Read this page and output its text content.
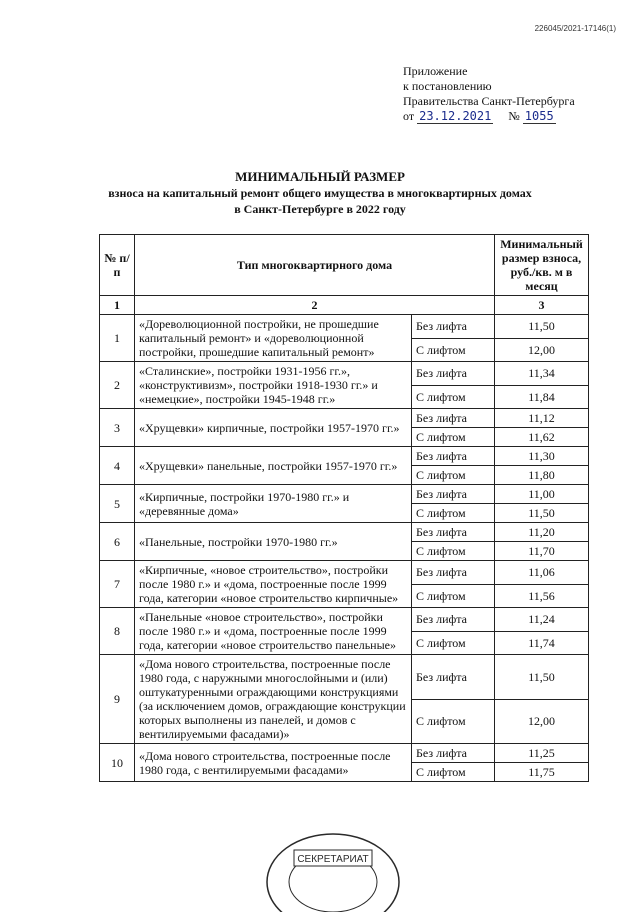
226045/2021-17146(1)
Приложение
к постановлению
Правительства Санкт-Петербурга
от 23.12.2021 № 1055
МИНИМАЛЬНЫЙ РАЗМЕР
взноса на капитальный ремонт общего имущества в многоквартирных домах
в Санкт-Петербурге в 2022 году
№ п/п	Тип многоквартирного дома		Минимальный размер взноса, руб./кв. м в месяц
1	2		3
1	«Дореволюционной постройки, не прошедшие капитальный ремонт» и «дореволюционной постройки, прошедшие капитальный ремонт»	Без лифта	11,50
		С лифтом	12,00
2	«Сталинские», постройки 1931-1956 гг.», «конструктивизм», постройки 1918-1930 гг.» и «немецкие», постройки 1945-1948 гг.»	Без лифта	11,34
		С лифтом	11,84
3	«Хрущевки» кирпичные, постройки 1957-1970 гг.»	Без лифта	11,12
		С лифтом	11,62
4	«Хрущевки» панельные, постройки 1957-1970 гг.»	Без лифта	11,30
		С лифтом	11,80
5	«Кирпичные, постройки 1970-1980 гг.» и «деревянные дома»	Без лифта	11,00
		С лифтом	11,50
6	«Панельные, постройки 1970-1980 гг.»	Без лифта	11,20
		С лифтом	11,70
7	«Кирпичные, «новое строительство», постройки после 1980 г.» и «дома, построенные после 1999 года, категории «новое строительство кирпичные»	Без лифта	11,06
		С лифтом	11,56
8	«Панельные «новое строительство», постройки после 1980 г.» и «дома, построенные после 1999 года, категории «новое строительство панельные»	Без лифта	11,24
		С лифтом	11,74
9	«Дома нового строительства, построенные после 1980 года, с наружными многослойными и (или) оштукатуренными ограждающими конструкциями (за исключением домов, ограждающие конструкции которых выполнены из панелей, и домов с вентилируемыми фасадами)»	Без лифта	11,50
		С лифтом	12,00
10	«Дома нового строительства, построенные после 1980 года, с вентилируемыми фасадами»	Без лифта	11,25
		С лифтом	11,75
СЕКРЕТАРИАТ
